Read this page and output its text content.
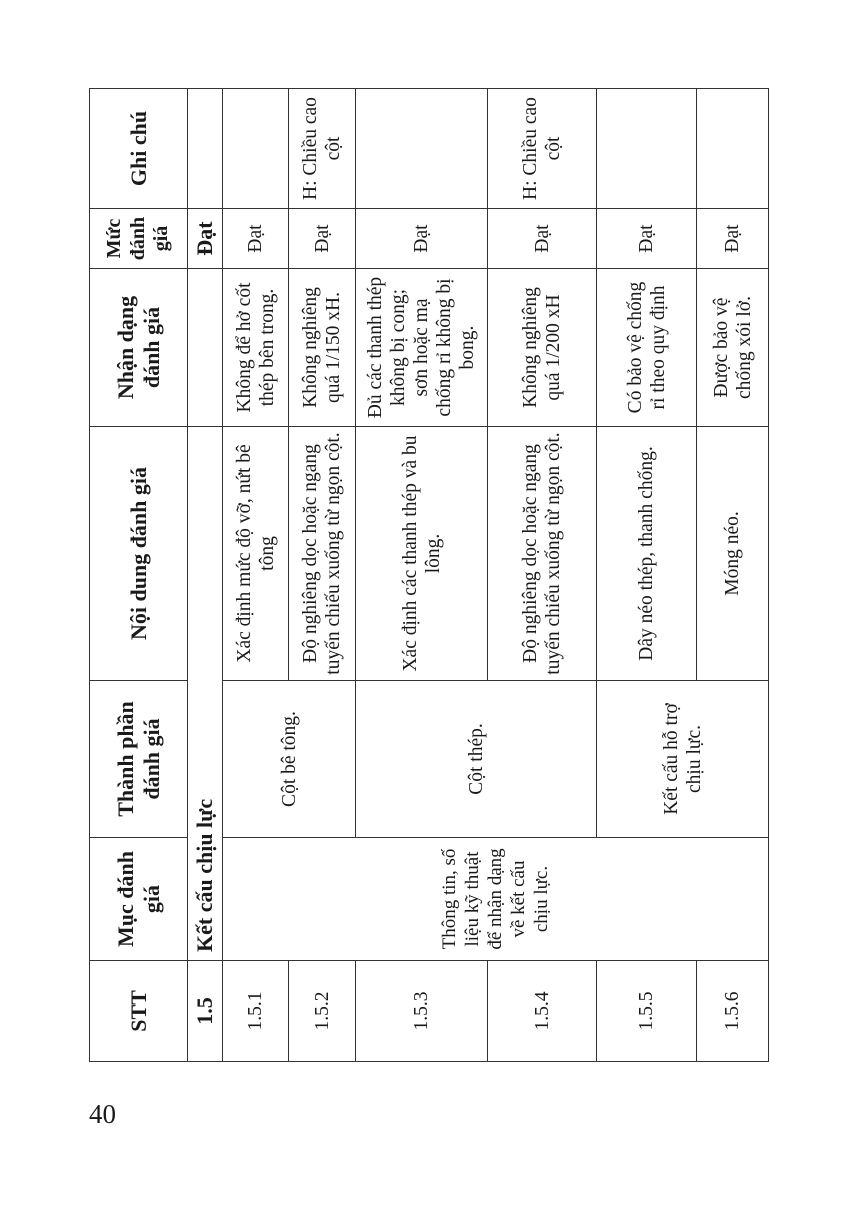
STT	Mục đánh giá	Thành phần đánh giá	Nội dung đánh giá	Nhận dạng đánh giá	Mức đánh giá	Ghi chú
1.5	Kết cấu chịu lực				Đạt	
1.5.1	Thông tin, số liệu kỹ thuật để nhận dạng về kết cấu chịu lực.	Cột bê tông.	Xác định mức độ vỡ, nứt bê tông	Không để hở cốt thép bên trong.	Đạt	
1.5.2			Độ nghiêng dọc hoặc ngang tuyến chiếu xuống từ ngọn cột.	Không nghiêng quá 1/150 xH.	Đạt	H: Chiều cao cột
1.5.3		Cột thép.	Xác định các thanh thép và bu lông.	Đủ các thanh thép không bị cong; sơn hoặc mạ chống rỉ không bị bong.	Đạt	
1.5.4			Độ nghiêng dọc hoặc ngang tuyến chiếu xuống từ ngọn cột.	Không nghiêng quá 1/200 xH	Đạt	H: Chiều cao cột
1.5.5		Kết cấu hỗ trợ chịu lực.	Dây néo thép, thanh chống.	Có bảo vệ chống rỉ theo quy định	Đạt	
1.5.6			Móng néo.	Được bảo vệ chống xói lở.	Đạt	
40
